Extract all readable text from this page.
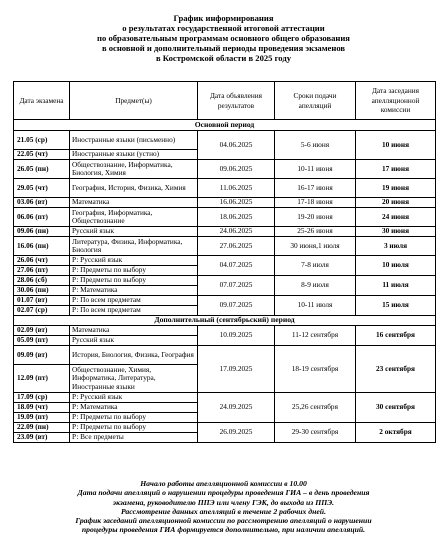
График информирования
о результатах государственной итоговой аттестации
по образовательным программам основного общего образования
в основной и дополнительный периоды проведения экзаменов
в Костромской области в 2025 году
Дата экзамена	Предмет(ы)	Дата объявления результатов	Сроки подачи апелляций	Дата заседания апелляционной комиссии
Основной период				
21.05 (ср)	Иностранные языки (письменно)	04.06.2025	5-6 июня	10 июня
22.05 (чт)	Иностранные языки (устно)			
26.05 (пн)	Обществознание, Информатика, Биология, Химия	09.06.2025	10-11 июня	17 июня
29.05 (чт)	География, История, Физика, Химия	11.06.2025	16-17 июня	19 июня
03.06 (вт)	Математика	16.06.2025	17-18 июня	20 июня
06.06 (пт)	География, Информатика, Обществознание	18.06.2025	19-20 июня	24 июня
09.06 (пн)	Русский язык	24.06.2025	25-26 июня	30 июня
16.06 (пн)	Литература, Физика, Информатика, Биология	27.06.2025	30 июня,1 июля	3 июля
26.06 (чт)	Р: Русский язык	04.07.2025	7-8 июля	10 июля
27.06 (пт)	Р: Предметы по выбору			
28.06 (сб)	Р: Предметы по выбору	07.07.2025	8-9 июля	11 июля
30.06 (пн)	Р: Математика			
01.07 (вт)	Р: По всем предметам	09.07.2025	10-11 июля	15 июля
02.07 (ср)	Р: По всем предметам			
Дополнительный (сентябрьский) период				
02.09 (вт)	Математика	10.09.2025	11-12 сентября	16 сентября
05.09 (пт)	Русский язык			
09.09 (вт)	История, Биология, Физика, География	17.09.2025	18-19 сентября	23 сентября
12.09 (пт)	Обществознание, Химия, Информатика, Литература, Иностранные языки			
17.09 (ср)	Р: Русский язык	24.09.2025	25,26 сентября	30 сентября
18.09 (чт)	Р: Математика			
19.09 (пт)	Р: Предметы по выбору			
22.09 (пн)	Р: Предметы по выбору	26.09.2025	29-30 сентября	2 октября
23.09 (вт)	Р: Все предметы			
Начало работы апелляционной комиссии в 10.00
Дата подачи апелляций о нарушении процедуры проведения ГИА – в день проведения
экзамена, руководителю ППЭ или члену ГЭК, до выхода из ППЭ.
Рассмотрение данных апелляций в течение 2 рабочих дней.
График заседаний апелляционной комиссии по рассмотрению апелляций о нарушении
процедуры проведения ГИА формируется дополнительно, при наличии апелляций.
